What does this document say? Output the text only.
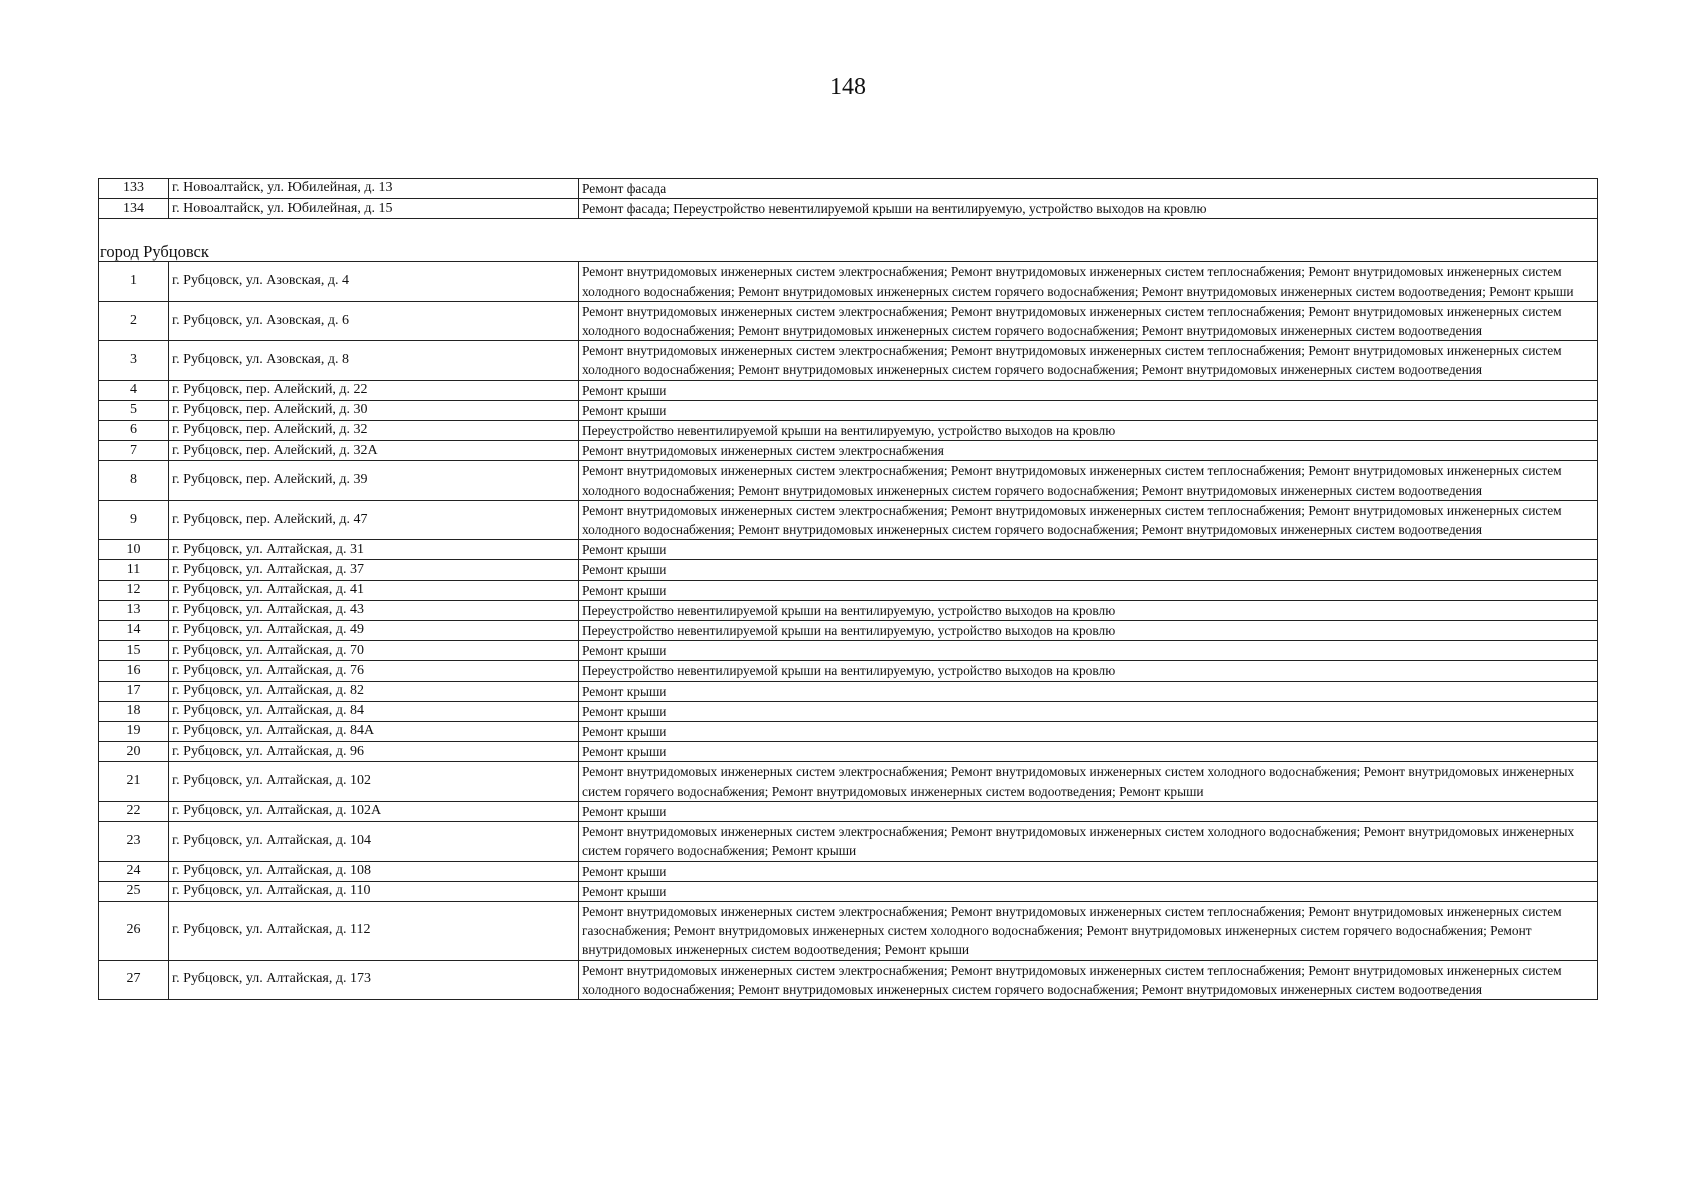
148
133	г. Новоалтайск, ул. Юбилейная, д. 13	Ремонт фасада
134	г. Новоалтайск, ул. Юбилейная, д. 15	Ремонт фасада; Переустройство невентилируемой крыши на вентилируемую, устройство выходов на кровлю
город Рубцовск		
1	г. Рубцовск, ул. Азовская, д. 4	Ремонт внутридомовых инженерных систем электроснабжения; Ремонт внутридомовых инженерных систем теплоснабжения; Ремонт внутридомовых инженерных систем холодного водоснабжения; Ремонт внутридомовых инженерных систем горячего водоснабжения; Ремонт внутридомовых инженерных систем водоотведения; Ремонт крыши
2	г. Рубцовск, ул. Азовская, д. 6	Ремонт внутридомовых инженерных систем электроснабжения; Ремонт внутридомовых инженерных систем теплоснабжения; Ремонт внутридомовых инженерных систем холодного водоснабжения; Ремонт внутридомовых инженерных систем горячего водоснабжения; Ремонт внутридомовых инженерных систем водоотведения
3	г. Рубцовск, ул. Азовская, д. 8	Ремонт внутридомовых инженерных систем электроснабжения; Ремонт внутридомовых инженерных систем теплоснабжения; Ремонт внутридомовых инженерных систем холодного водоснабжения; Ремонт внутридомовых инженерных систем горячего водоснабжения; Ремонт внутридомовых инженерных систем водоотведения
4	г. Рубцовск, пер. Алейский, д. 22	Ремонт крыши
5	г. Рубцовск, пер. Алейский, д. 30	Ремонт крыши
6	г. Рубцовск, пер. Алейский, д. 32	Переустройство невентилируемой крыши на вентилируемую, устройство выходов на кровлю
7	г. Рубцовск, пер. Алейский, д. 32А	Ремонт внутридомовых инженерных систем электроснабжения
8	г. Рубцовск, пер. Алейский, д. 39	Ремонт внутридомовых инженерных систем электроснабжения; Ремонт внутридомовых инженерных систем теплоснабжения; Ремонт внутридомовых инженерных систем холодного водоснабжения; Ремонт внутридомовых инженерных систем горячего водоснабжения; Ремонт внутридомовых инженерных систем водоотведения
9	г. Рубцовск, пер. Алейский, д. 47	Ремонт внутридомовых инженерных систем электроснабжения; Ремонт внутридомовых инженерных систем теплоснабжения; Ремонт внутридомовых инженерных систем холодного водоснабжения; Ремонт внутридомовых инженерных систем горячего водоснабжения; Ремонт внутридомовых инженерных систем водоотведения
10	г. Рубцовск, ул. Алтайская, д. 31	Ремонт крыши
11	г. Рубцовск, ул. Алтайская, д. 37	Ремонт крыши
12	г. Рубцовск, ул. Алтайская, д. 41	Ремонт крыши
13	г. Рубцовск, ул. Алтайская, д. 43	Переустройство невентилируемой крыши на вентилируемую, устройство выходов на кровлю
14	г. Рубцовск, ул. Алтайская, д. 49	Переустройство невентилируемой крыши на вентилируемую, устройство выходов на кровлю
15	г. Рубцовск, ул. Алтайская, д. 70	Ремонт крыши
16	г. Рубцовск, ул. Алтайская, д. 76	Переустройство невентилируемой крыши на вентилируемую, устройство выходов на кровлю
17	г. Рубцовск, ул. Алтайская, д. 82	Ремонт крыши
18	г. Рубцовск, ул. Алтайская, д. 84	Ремонт крыши
19	г. Рубцовск, ул. Алтайская, д. 84А	Ремонт крыши
20	г. Рубцовск, ул. Алтайская, д. 96	Ремонт крыши
21	г. Рубцовск, ул. Алтайская, д. 102	Ремонт внутридомовых инженерных систем электроснабжения; Ремонт внутридомовых инженерных систем холодного водоснабжения; Ремонт внутридомовых инженерных систем горячего водоснабжения; Ремонт внутридомовых инженерных систем водоотведения; Ремонт крыши
22	г. Рубцовск, ул. Алтайская, д. 102А	Ремонт крыши
23	г. Рубцовск, ул. Алтайская, д. 104	Ремонт внутридомовых инженерных систем электроснабжения; Ремонт внутридомовых инженерных систем холодного водоснабжения; Ремонт внутридомовых инженерных систем горячего водоснабжения; Ремонт крыши
24	г. Рубцовск, ул. Алтайская, д. 108	Ремонт крыши
25	г. Рубцовск, ул. Алтайская, д. 110	Ремонт крыши
26	г. Рубцовск, ул. Алтайская, д. 112	Ремонт внутридомовых инженерных систем электроснабжения; Ремонт внутридомовых инженерных систем теплоснабжения; Ремонт внутридомовых инженерных систем газоснабжения; Ремонт внутридомовых инженерных систем холодного водоснабжения; Ремонт внутридомовых инженерных систем горячего водоснабжения; Ремонт внутридомовых инженерных систем водоотведения; Ремонт крыши
27	г. Рубцовск, ул. Алтайская, д. 173	Ремонт внутридомовых инженерных систем электроснабжения; Ремонт внутридомовых инженерных систем теплоснабжения; Ремонт внутридомовых инженерных систем холодного водоснабжения; Ремонт внутридомовых инженерных систем горячего водоснабжения; Ремонт внутридомовых инженерных систем водоотведения
